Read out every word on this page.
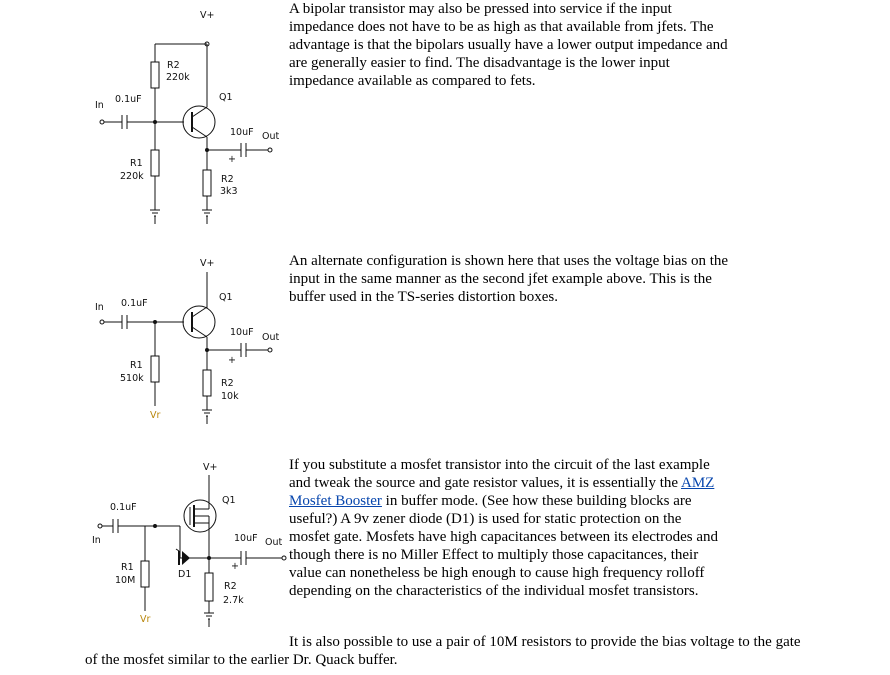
V+
R2
220k
In
0.1uF	Q1
10uF Out
+
R1
220k	R2
3k3
V+
Q1
In 0.1uF
10uF Out
+
R1
510k
Vr
R2
10k
V+
Q1
In
0.1uF
D1
10uF Out
+
R1
10M
Vr
R2
2.7k

A bipolar transistor may also be pressed into service if the input impedance does not have to be as high as that available from jfets. The advantage is that the bipolars usually have a lower output impedance and are generally easier to find. The disadvantage is the lower input impedance available as compared to fets.

An alternate configuration is shown here that uses the voltage bias on the input in the same manner as the second jfet example above. This is the buffer used in the TS-series distortion boxes.

If you substitute a mosfet transistor into the circuit of the last example and tweak the source and gate resistor values, it is essentially the AMZ Mosfet Booster in buffer mode. (See how these building blocks are useful?) A 9v zener diode (D1) is used for static protection on the mosfet gate. Mosfets have high capacitances between its electrodes and though there is no Miller Effect to multiply those capacitances, their value can nonetheless be high enough to cause high frequency rolloff depending on the characteristics of the individual mosfet transistors.

It is also possible to use a pair of 10M resistors to provide the bias voltage to the gate of the mosfet similar to the earlier Dr. Quack buffer.
